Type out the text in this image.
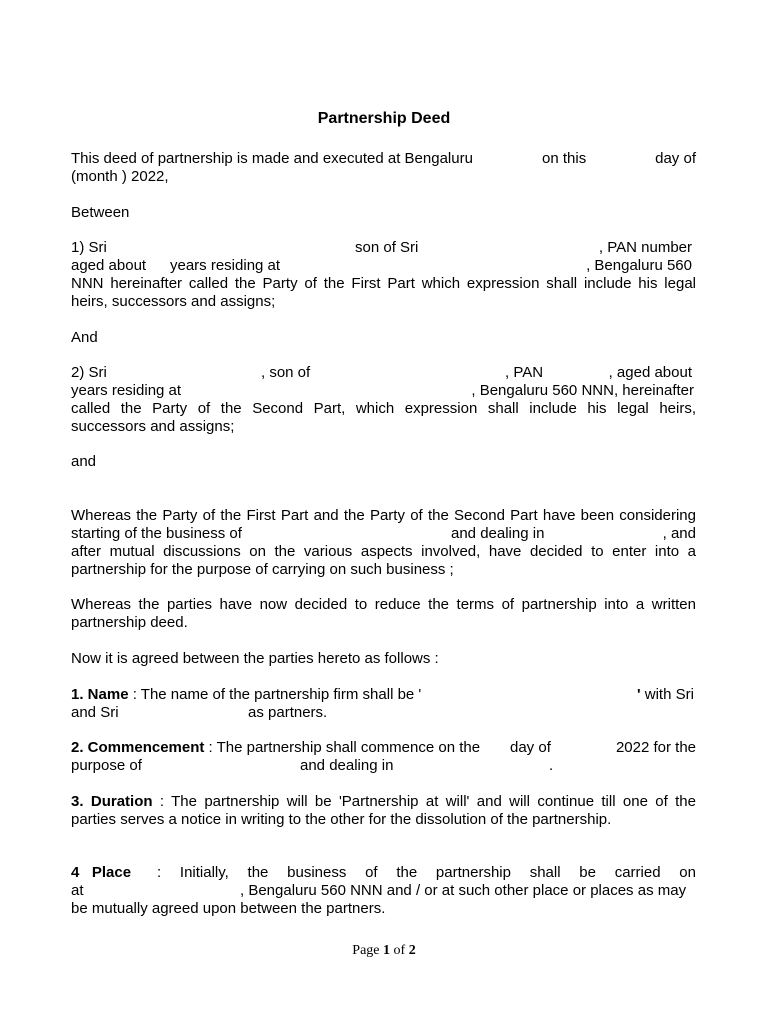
Partnership Deed
This deed of partnership is made and executed at Bengaluru	on this	day of
(month ) 2022,
Between
1) Sri	son of Sri	, PAN number
aged about years residing at	, Bengaluru 560
NNN hereinafter called the Party of the First Part which expression shall include his legal
heirs, successors and assigns;
And
2) Sri	, son of	, PAN	, aged about
years residing at	, Bengaluru 560 NNN, hereinafter
called the Party of the Second Part, which expression shall include his legal heirs,
successors and assigns;
and
Whereas the Party of the First Part and the Party of the Second Part have been considering
starting of the business of	and dealing in	, and
after mutual discussions on the various aspects involved, have decided to enter into a
partnership for the purpose of carrying on such business ;
Whereas the parties have now decided to reduce the terms of partnership into a written
partnership deed.
Now it is agreed between the parties hereto as follows :
1. Name : The name of the partnership firm shall be '	' with Sri
and Sri	as partners.
2. Commencement : The partnership shall commence on the day of	2022 for the
purpose of	and dealing in	.
3. Duration : The partnership will be 'Partnership at will' and will continue till one of the
parties serves a notice in writing to the other for the dissolution of the partnership.
4   Place : Initially, the business of the partnership shall be carried on
at	, Bengaluru 560 NNN and / or at such other place or places as may
be mutually agreed upon between the partners.
Page 1 of 2
